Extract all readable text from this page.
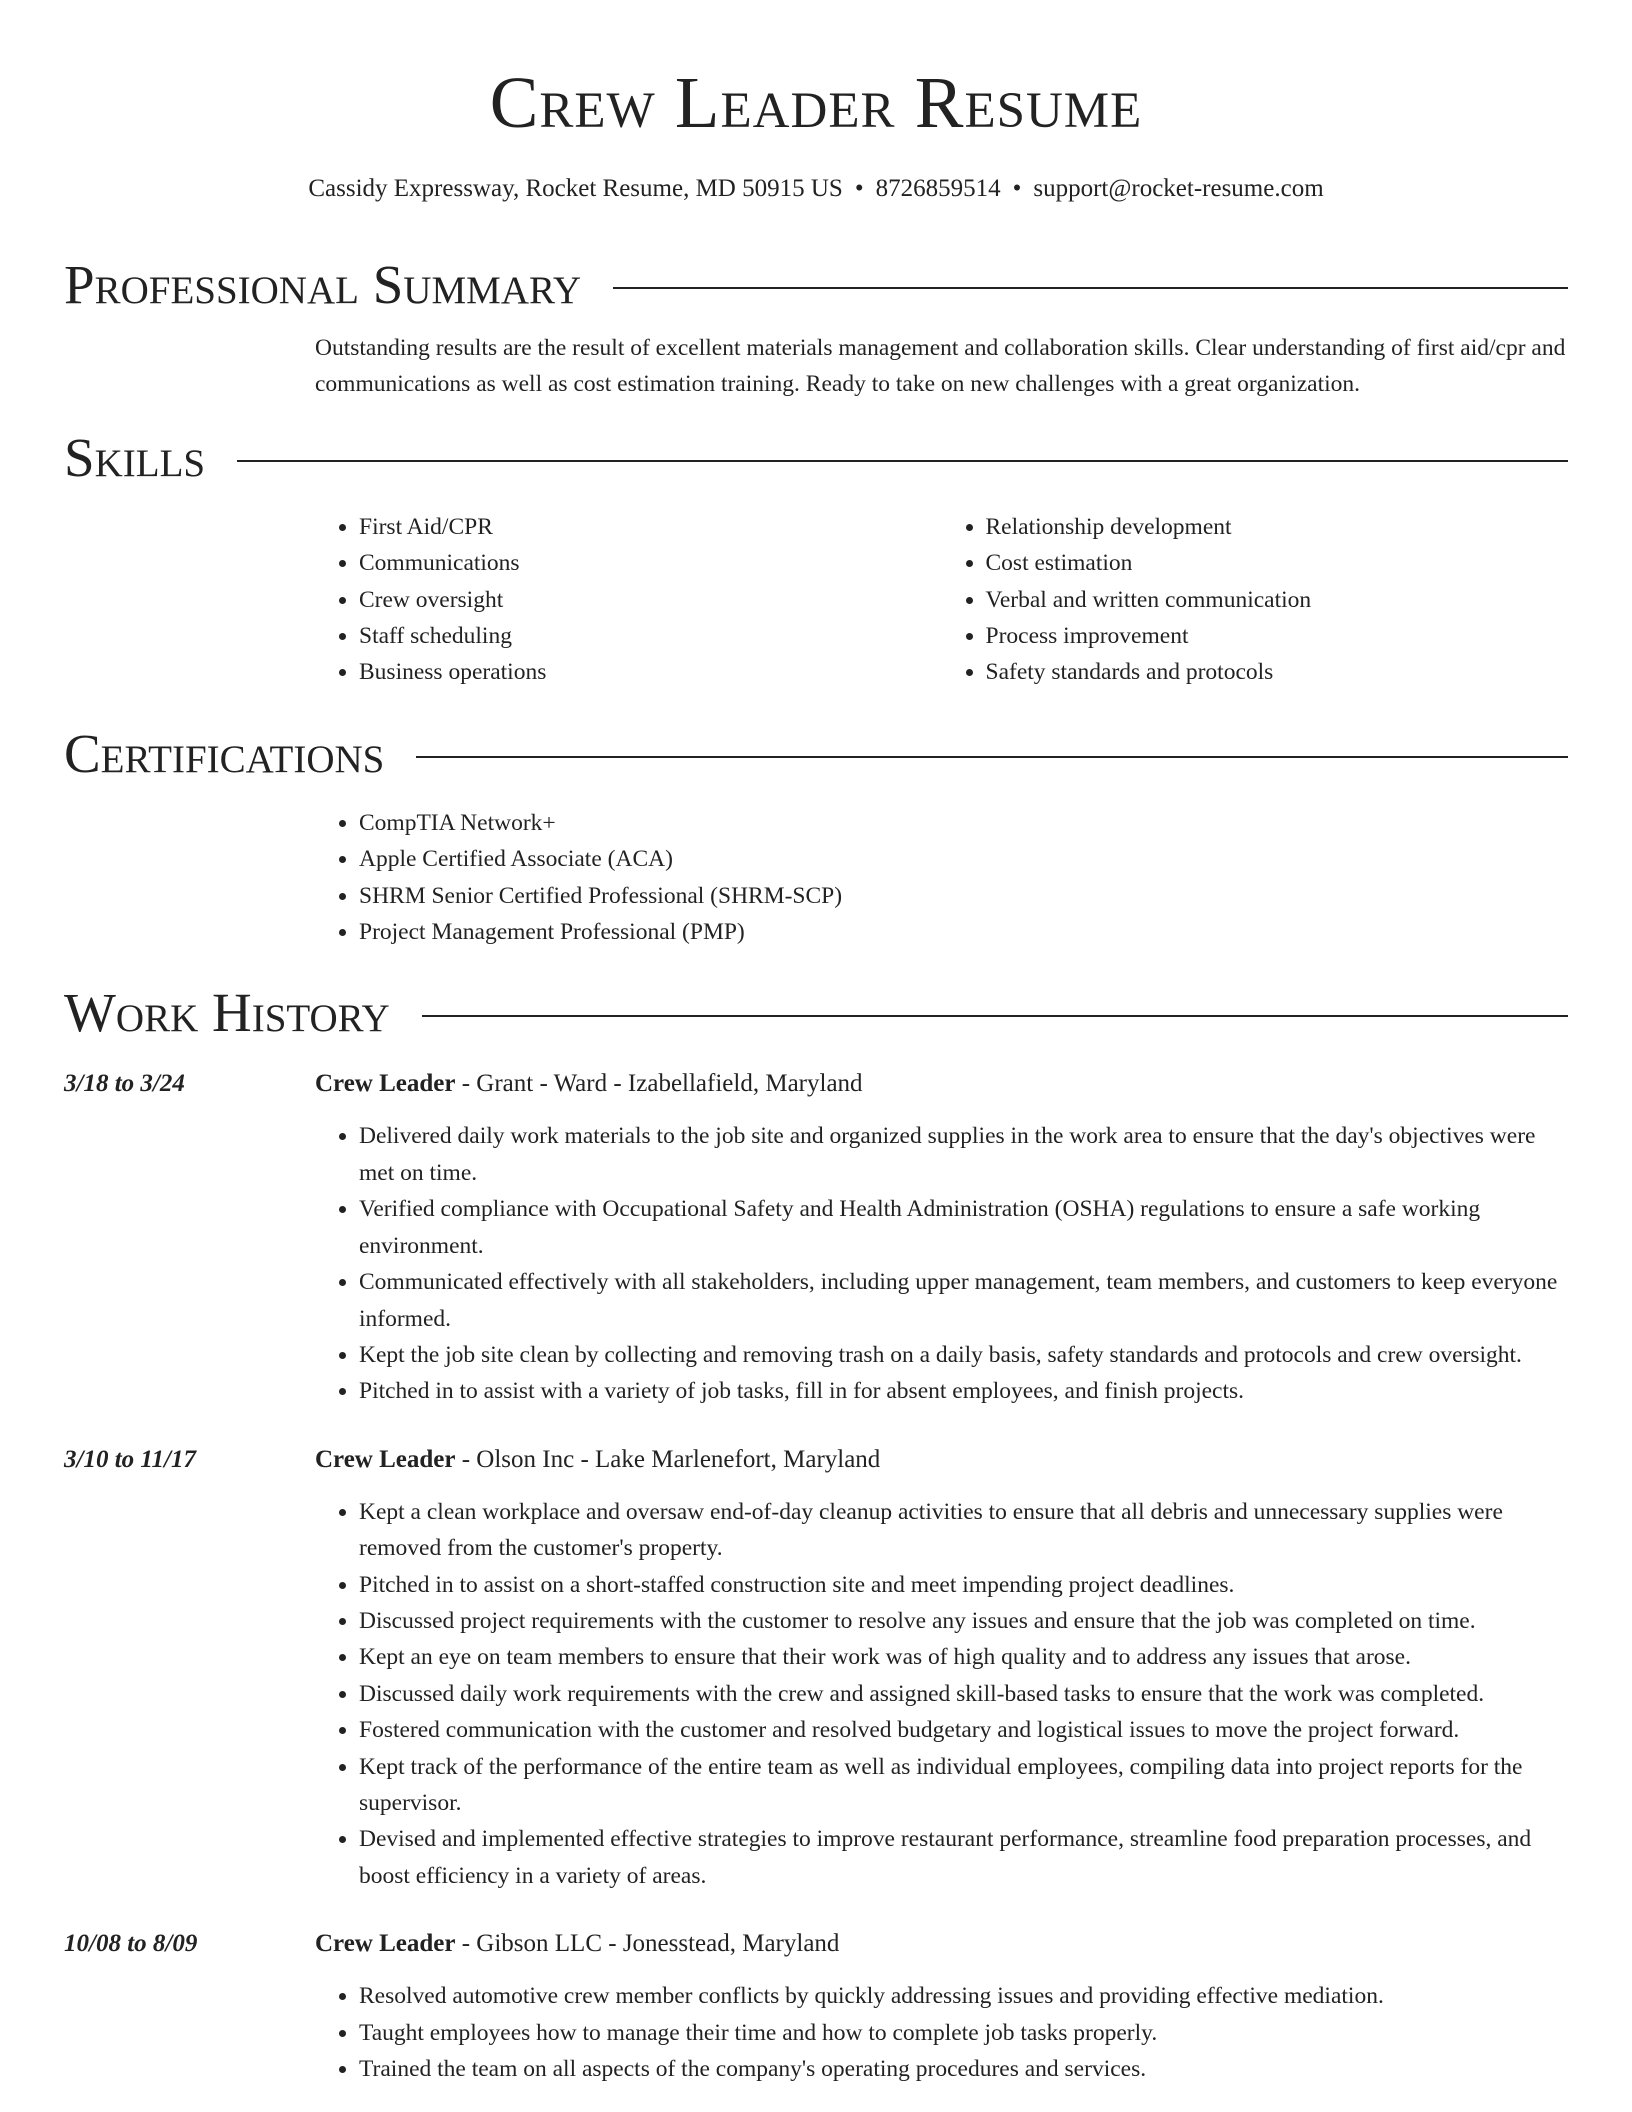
Crew Leader Resume
Cassidy Expressway, Rocket Resume, MD 50915 US • 8726859514 • support@rocket-resume.com
Professional Summary
Outstanding results are the result of excellent materials management and collaboration skills. Clear understanding of first aid/cpr and communications as well as cost estimation training. Ready to take on new challenges with a great organization.
Skills
• First Aid/CPR
• Communications
• Crew oversight
• Staff scheduling
• Business operations
• Relationship development
• Cost estimation
• Verbal and written communication
• Process improvement
• Safety standards and protocols
Certifications
• CompTIA Network+
• Apple Certified Associate (ACA)
• SHRM Senior Certified Professional (SHRM-SCP)
• Project Management Professional (PMP)
Work History
3/18 to 3/24	Crew Leader - Grant - Ward - Izabellafield, Maryland
• Delivered daily work materials to the job site and organized supplies in the work area to ensure that the day's objectives were met on time.
• Verified compliance with Occupational Safety and Health Administration (OSHA) regulations to ensure a safe working environment.
• Communicated effectively with all stakeholders, including upper management, team members, and customers to keep everyone informed.
• Kept the job site clean by collecting and removing trash on a daily basis, safety standards and protocols and crew oversight.
• Pitched in to assist with a variety of job tasks, fill in for absent employees, and finish projects.
3/10 to 11/17	Crew Leader - Olson Inc - Lake Marlenefort, Maryland
• Kept a clean workplace and oversaw end-of-day cleanup activities to ensure that all debris and unnecessary supplies were removed from the customer's property.
• Pitched in to assist on a short-staffed construction site and meet impending project deadlines.
• Discussed project requirements with the customer to resolve any issues and ensure that the job was completed on time.
• Kept an eye on team members to ensure that their work was of high quality and to address any issues that arose.
• Discussed daily work requirements with the crew and assigned skill-based tasks to ensure that the work was completed.
• Fostered communication with the customer and resolved budgetary and logistical issues to move the project forward.
• Kept track of the performance of the entire team as well as individual employees, compiling data into project reports for the supervisor.
• Devised and implemented effective strategies to improve restaurant performance, streamline food preparation processes, and boost efficiency in a variety of areas.
10/08 to 8/09	Crew Leader - Gibson LLC - Jonesstead, Maryland
• Resolved automotive crew member conflicts by quickly addressing issues and providing effective mediation.
• Taught employees how to manage their time and how to complete job tasks properly.
• Trained the team on all aspects of the company's operating procedures and services.
